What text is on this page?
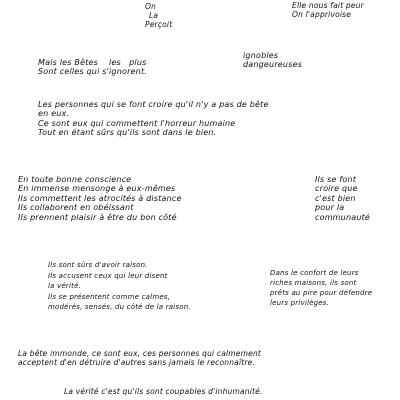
On
La
Perçoit
Elle nous fait peur
On l'apprivoise
Mais les Bêtes    les   plus
Sont celles qui s'ignorent.
ignobles
dangeureuses
Les personnes qui se font croire qu'il n'y a pas de bête
en eux.
Ce sont eux qui commettent l'horreur humaine
Tout en étant sûrs qu'ils sont dans le bien.
En toute bonne conscience
En immense mensonge à eux-mêmes
Ils commettent les atrocités à distance
Ils collaborent en obéissant
Ils prennent plaisir à être du bon côté
Ils se font
croire que
c'est bien
pour la
communauté
Ils sont sûrs d'avoir raison.
Ils accusent ceux qui leur disent
la vérité.
Ils se présentent comme calmes,
modérés, sensés, du côté de la raison.
Dans le confort de leurs
riches maisons, ils sont
prêts au pire pour défendre
leurs privilèges.
La bête immonde, ce sont eux, ces personnes qui calmement
acceptent d'en détruire d'autres sans jamais le reconnaître.
La vérité c'est qu'ils sont coupables d'inhumanité.
